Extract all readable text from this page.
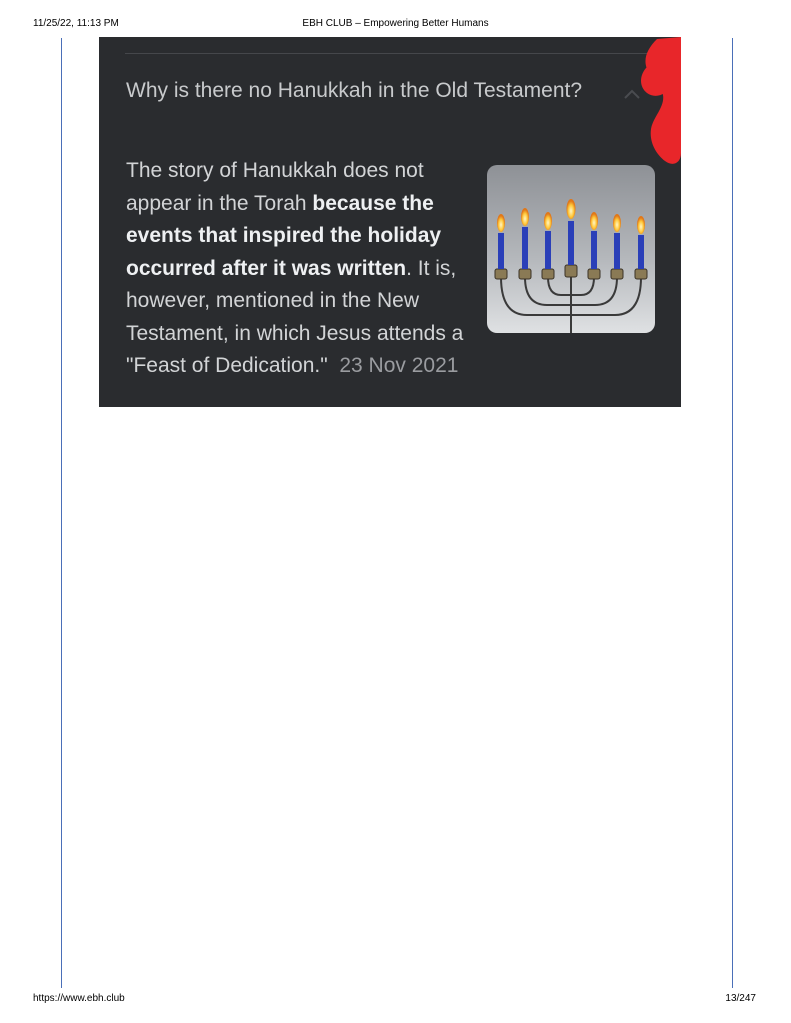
11/25/22, 11:13 PM	EBH CLUB – Empowering Better Humans
Why is there no Hanukkah in the Old Testament?
The story of Hanukkah does not appear in the Torah because the events that inspired the holiday occurred after it was written. It is, however, mentioned in the New Testament, in which Jesus attends a "Feast of Dedication." 23 Nov 2021
https://www.ebh.club	13/247
